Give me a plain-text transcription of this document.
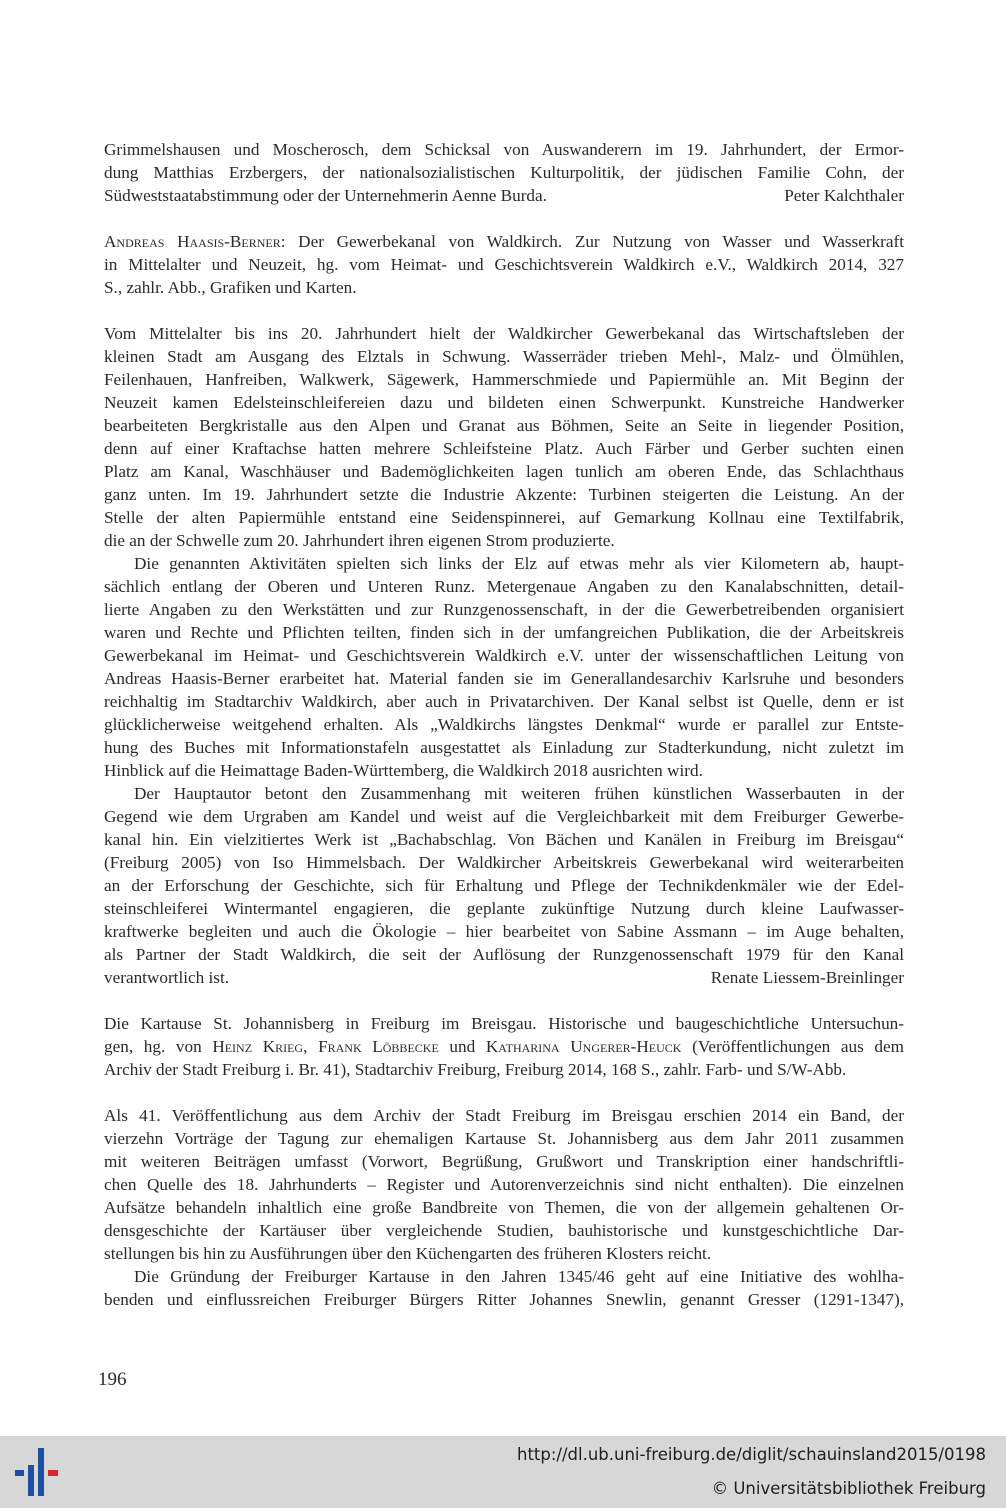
Grimmelshausen und Moscherosch, dem Schicksal von Auswanderern im 19. Jahrhundert, der Ermor-
dung Matthias Erzbergers, der nationalsozialistischen Kulturpolitik, der jüdischen Familie Cohn, der
Südweststaatabstimmung oder der Unternehmerin Aenne Burda.	Peter Kalchthaler
Andreas Haasis-Berner: Der Gewerbekanal von Waldkirch. Zur Nutzung von Wasser und Wasserkraft
in Mittelalter und Neuzeit, hg. vom Heimat- und Geschichtsverein Waldkirch e.V., Waldkirch 2014, 327
S., zahlr. Abb., Grafiken und Karten.
Vom Mittelalter bis ins 20. Jahrhundert hielt der Waldkircher Gewerbekanal das Wirtschaftsleben der
kleinen Stadt am Ausgang des Elztals in Schwung. Wasserräder trieben Mehl-, Malz- und Ölmühlen,
Feilenhauen, Hanfreiben, Walkwerk, Sägewerk, Hammerschmiede und Papiermühle an. Mit Beginn der
Neuzeit kamen Edelsteinschleifereien dazu und bildeten einen Schwerpunkt. Kunstreiche Handwerker
bearbeiteten Bergkristalle aus den Alpen und Granat aus Böhmen, Seite an Seite in liegender Position,
denn auf einer Kraftachse hatten mehrere Schleifsteine Platz. Auch Färber und Gerber suchten einen
Platz am Kanal, Waschhäuser und Bademöglichkeiten lagen tunlich am oberen Ende, das Schlachthaus
ganz unten. Im 19. Jahrhundert setzte die Industrie Akzente: Turbinen steigerten die Leistung. An der
Stelle der alten Papiermühle entstand eine Seidenspinnerei, auf Gemarkung Kollnau eine Textilfabrik,
die an der Schwelle zum 20. Jahrhundert ihren eigenen Strom produzierte.
Die genannten Aktivitäten spielten sich links der Elz auf etwas mehr als vier Kilometern ab, haupt-
sächlich entlang der Oberen und Unteren Runz. Metergenaue Angaben zu den Kanalabschnitten, detail-
lierte Angaben zu den Werkstätten und zur Runzgenossenschaft, in der die Gewerbetreibenden organisiert
waren und Rechte und Pflichten teilten, finden sich in der umfangreichen Publikation, die der Arbeitskreis
Gewerbekanal im Heimat- und Geschichtsverein Waldkirch e.V. unter der wissenschaftlichen Leitung von
Andreas Haasis-Berner erarbeitet hat. Material fanden sie im Generallandesarchiv Karlsruhe und besonders
reichhaltig im Stadtarchiv Waldkirch, aber auch in Privatarchiven. Der Kanal selbst ist Quelle, denn er ist
glücklicherweise weitgehend erhalten. Als „Waldkirchs längstes Denkmal“ wurde er parallel zur Entste-
hung des Buches mit Informationstafeln ausgestattet als Einladung zur Stadterkundung, nicht zuletzt im
Hinblick auf die Heimattage Baden-Württemberg, die Waldkirch 2018 ausrichten wird.
Der Hauptautor betont den Zusammenhang mit weiteren frühen künstlichen Wasserbauten in der
Gegend wie dem Urgraben am Kandel und weist auf die Vergleichbarkeit mit dem Freiburger Gewerbe-
kanal hin. Ein vielzitiertes Werk ist „Bachabschlag. Von Bächen und Kanälen in Freiburg im Breisgau“
(Freiburg 2005) von Iso Himmelsbach. Der Waldkircher Arbeitskreis Gewerbekanal wird weiterarbeiten
an der Erforschung der Geschichte, sich für Erhaltung und Pflege der Technikdenkmäler wie der Edel-
steinschleiferei Wintermantel engagieren, die geplante zukünftige Nutzung durch kleine Laufwasser-
kraftwerke begleiten und auch die Ökologie – hier bearbeitet von Sabine Assmann – im Auge behalten,
als Partner der Stadt Waldkirch, die seit der Auflösung der Runzgenossenschaft 1979 für den Kanal
verantwortlich ist.	Renate Liessem-Breinlinger
Die Kartause St. Johannisberg in Freiburg im Breisgau. Historische und baugeschichtliche Untersuchun-
gen, hg. von Heinz Krieg, Frank Löbbecke und Katharina Ungerer-Heuck (Veröffentlichungen aus dem
Archiv der Stadt Freiburg i. Br. 41), Stadtarchiv Freiburg, Freiburg 2014, 168 S., zahlr. Farb- und S/W-Abb.
Als 41. Veröffentlichung aus dem Archiv der Stadt Freiburg im Breisgau erschien 2014 ein Band, der
vierzehn Vorträge der Tagung zur ehemaligen Kartause St. Johannisberg aus dem Jahr 2011 zusammen
mit weiteren Beiträgen umfasst (Vorwort, Begrüßung, Grußwort und Transkription einer handschriftli-
chen Quelle des 18. Jahrhunderts – Register und Autorenverzeichnis sind nicht enthalten). Die einzelnen
Aufsätze behandeln inhaltlich eine große Bandbreite von Themen, die von der allgemein gehaltenen Or-
densgeschichte der Kartäuser über vergleichende Studien, bauhistorische und kunstgeschichtliche Dar-
stellungen bis hin zu Ausführungen über den Küchengarten des früheren Klosters reicht.
Die Gründung der Freiburger Kartause in den Jahren 1345/46 geht auf eine Initiative des wohlha-
benden und einflussreichen Freiburger Bürgers Ritter Johannes Snewlin, genannt Gresser (1291-1347),
196
http://dl.ub.uni-freiburg.de/diglit/schauinsland2015/0198
© Universitätsbibliothek Freiburg
